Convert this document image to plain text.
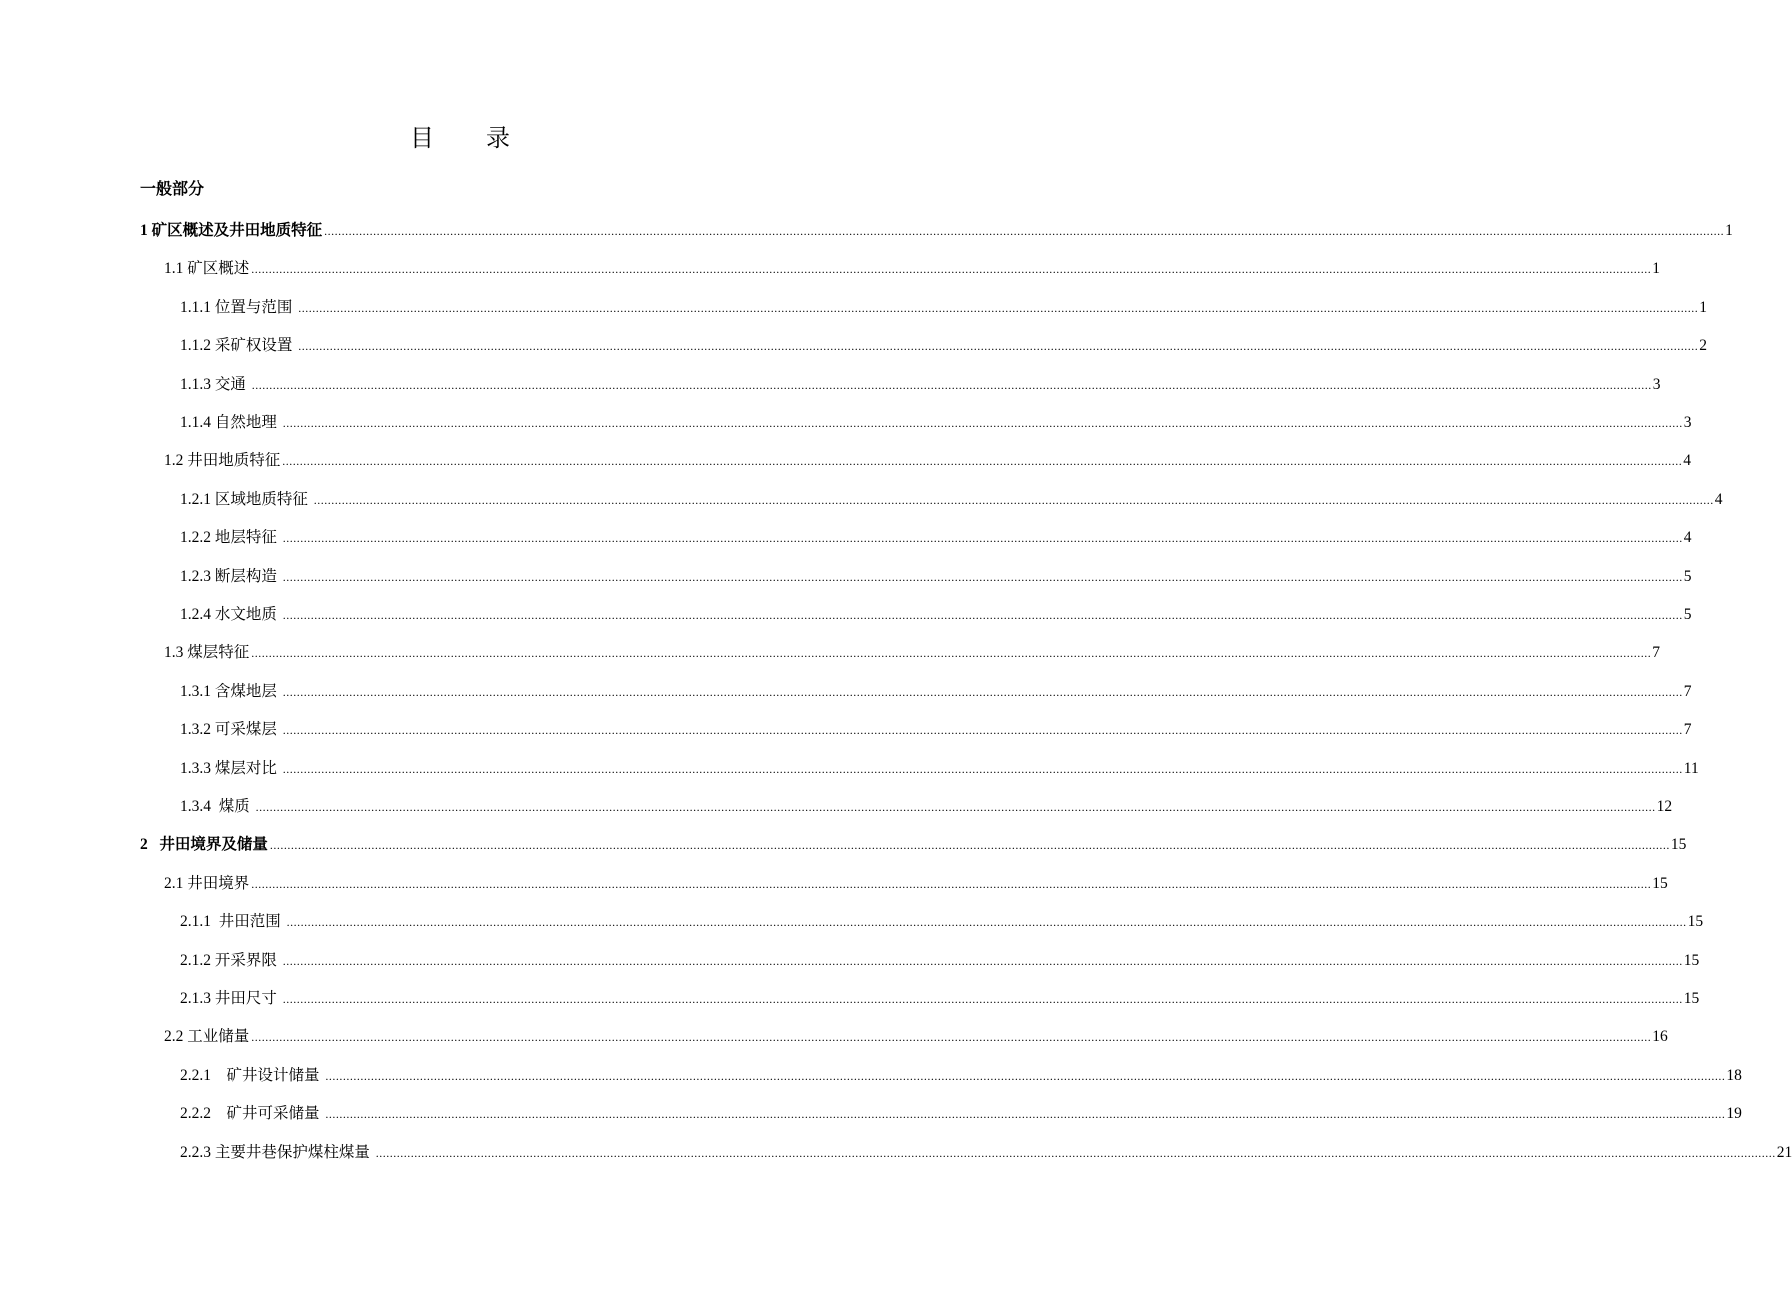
目 录
一般部分
1 矿区概述及井田地质特征 ................................................................................................................................................................................................................................................................................................................................................................................................................ 1
1.1 矿区概述 ................................................................................................................................................................................................................................................................................................................................................................................................................ 1
1.1.1 位置与范围 ................................................................................................................................................................................................................................................................................................................................................................................................................ 1
1.1.2 采矿权设置 ................................................................................................................................................................................................................................................................................................................................................................................................................ 2
1.1.3 交通 ................................................................................................................................................................................................................................................................................................................................................................................................................ 3
1.1.4 自然地理 ................................................................................................................................................................................................................................................................................................................................................................................................................ 3
1.2 井田地质特征 ................................................................................................................................................................................................................................................................................................................................................................................................................ 4
1.2.1 区域地质特征 ................................................................................................................................................................................................................................................................................................................................................................................................................ 4
1.2.2 地层特征 ................................................................................................................................................................................................................................................................................................................................................................................................................ 4
1.2.3 断层构造 ................................................................................................................................................................................................................................................................................................................................................................................................................ 5
1.2.4 水文地质 ................................................................................................................................................................................................................................................................................................................................................................................................................ 5
1.3 煤层特征 ................................................................................................................................................................................................................................................................................................................................................................................................................ 7
1.3.1 含煤地层 ................................................................................................................................................................................................................................................................................................................................................................................................................ 7
1.3.2 可采煤层 ................................................................................................................................................................................................................................................................................................................................................................................................................ 7
1.3.3 煤层对比 ................................................................................................................................................................................................................................................................................................................................................................................................................ 11
1.3.4  煤质 ................................................................................................................................................................................................................................................................................................................................................................................................................ 12
2   井田境界及储量 ................................................................................................................................................................................................................................................................................................................................................................................................................ 15
2.1 井田境界 ................................................................................................................................................................................................................................................................................................................................................................................................................ 15
2.1.1  井田范围 ................................................................................................................................................................................................................................................................................................................................................................................................................ 15
2.1.2 开采界限 ................................................................................................................................................................................................................................................................................................................................................................................................................ 15
2.1.3 井田尺寸 ................................................................................................................................................................................................................................................................................................................................................................................................................ 15
2.2 工业储量 ................................................................................................................................................................................................................................................................................................................................................................................................................ 16
2.2.1    矿井设计储量 ................................................................................................................................................................................................................................................................................................................................................................................................................ 18
2.2.2    矿井可采储量 ................................................................................................................................................................................................................................................................................................................................................................................................................ 19
2.2.3 主要井巷保护煤柱煤量 ................................................................................................................................................................................................................................................................................................................................................................................................................ 21
